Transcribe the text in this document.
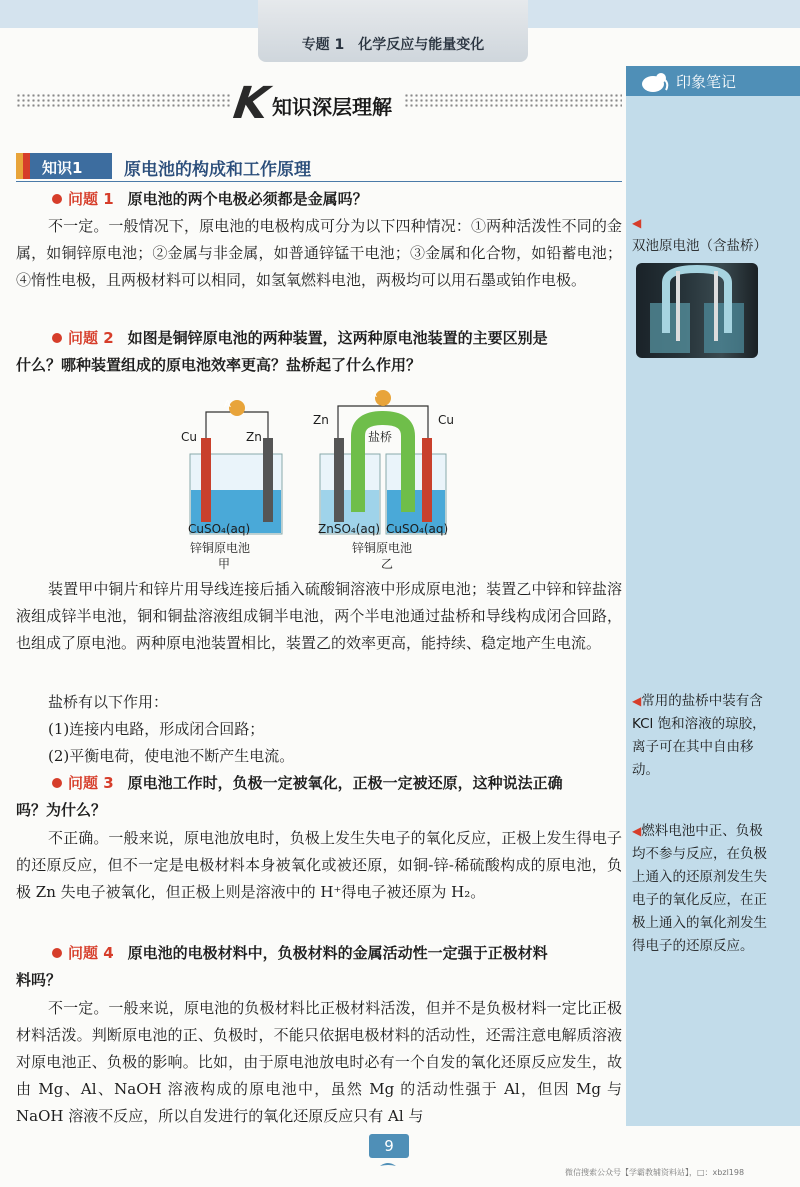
专题 1　化学反应与能量变化
印象笔记
K 知识深层理解
知识1 原电池的构成和工作原理
问题 1 原电池的两个电极必须都是金属吗？
不一定。一般情况下，原电池的电极构成可分为以下四种情况：①两种活泼性不同的金属，如铜锌原电池；②金属与非金属，如普通锌锰干电池；③金属和化合物，如铅蓄电池；④惰性电极，且两极材料可以相同，如氢氧燃料电池，两极均可以用石墨或铂作电极。
问题 2 如图是铜锌原电池的两种装置，这两种原电池装置的主要区别是
什么？哪种装置组成的原电池效率更高？盐桥起了什么作用？
A
A
Cu	Zn
CuSO₄(aq)
锌铜原电池
甲
Zn	Cu
盐桥
ZnSO₄(aq) CuSO₄(aq)
锌铜原电池
乙
装置甲中铜片和锌片用导线连接后插入硫酸铜溶液中形成原电池；装置乙中锌和锌盐溶液组成锌半电池，铜和铜盐溶液组成铜半电池，两个半电池通过盐桥和导线构成闭合回路，也组成了原电池。两种原电池装置相比，装置乙的效率更高，能持续、稳定地产生电流。
盐桥有以下作用：
(1)连接内电路，形成闭合回路；
(2)平衡电荷，使电池不断产生电流。
问题 3 原电池工作时，负极一定被氧化，正极一定被还原，这种说法正确
吗？为什么？
不正确。一般来说，原电池放电时，负极上发生失电子的氧化反应，正极上发生得电子的还原反应，但不一定是电极材料本身被氧化或被还原，如铜-锌-稀硫酸构成的原电池，负极 Zn 失电子被氧化，但正极上则是溶液中的 H⁺得电子被还原为 H₂。
问题 4 原电池的电极材料中，负极材料的金属活动性一定强于正极材料
料吗？
不一定。一般来说，原电池的负极材料比正极材料活泼，但并不是负极材料一定比正极材料活泼。判断原电池的正、负极时，不能只依据电极材料的活动性，还需注意电解质溶液对原电池正、负极的影响。比如，由于原电池放电时必有一个自发的氧化还原反应发生，故由 Mg、Al、NaOH 溶液构成的原电池中，虽然 Mg 的活动性强于 Al，但因 Mg 与 NaOH 溶液不反应，所以自发进行的氧化还原反应只有 Al 与
◀双池原电池（含盐桥）
◀常用的盐桥中装有含 KCl 饱和溶液的琼胶，离子可在其中自由移动。
◀燃料电池中正、负极均不参与反应，在负极上通入的还原剂发生失电子的氧化反应，在正极上通入的氧化剂发生得电子的还原反应。
9
微信搜索公众号【学霸教辅资料站】，□：xbzl198
